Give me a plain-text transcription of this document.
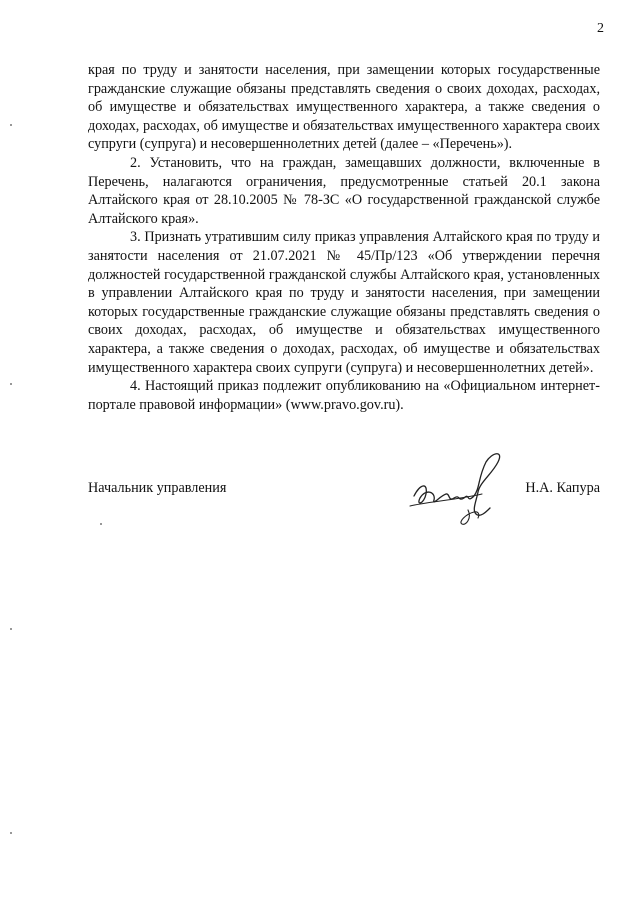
2

края по труду и занятости населения, при замещении которых государственные гражданские служащие обязаны представлять сведения о своих доходах, расходах, об имуществе и обязательствах имущественного характера, а также сведения о доходах, расходах, об имуществе и обязательствах имущественного характера своих супруги (супруга) и несовершеннолетних детей (далее – «Перечень»).

2. Установить, что на граждан, замещавших должности, включенные в Перечень, налагаются ограничения, предусмотренные статьей 20.1 закона Алтайского края от 28.10.2005 № 78-ЗС «О государственной гражданской службе Алтайского края».

3. Признать утратившим силу приказ управления Алтайского края по труду и занятости населения от 21.07.2021 № 45/Пр/123 «Об утверждении перечня должностей государственной гражданской службы Алтайского края, установленных в управлении Алтайского края по труду и занятости населения, при замещении которых государственные гражданские служащие обязаны представлять сведения о своих доходах, расходах, об имуществе и обязательствах имущественного характера, а также сведения о доходах, расходах, об имуществе и обязательствах имущественного характера своих супруги (супруга) и несовершеннолетних детей».

4. Настоящий приказ подлежит опубликованию на «Официальном интернет-портале правовой информации» (www.pravo.gov.ru).

Начальник управления	Н.А. Капура
